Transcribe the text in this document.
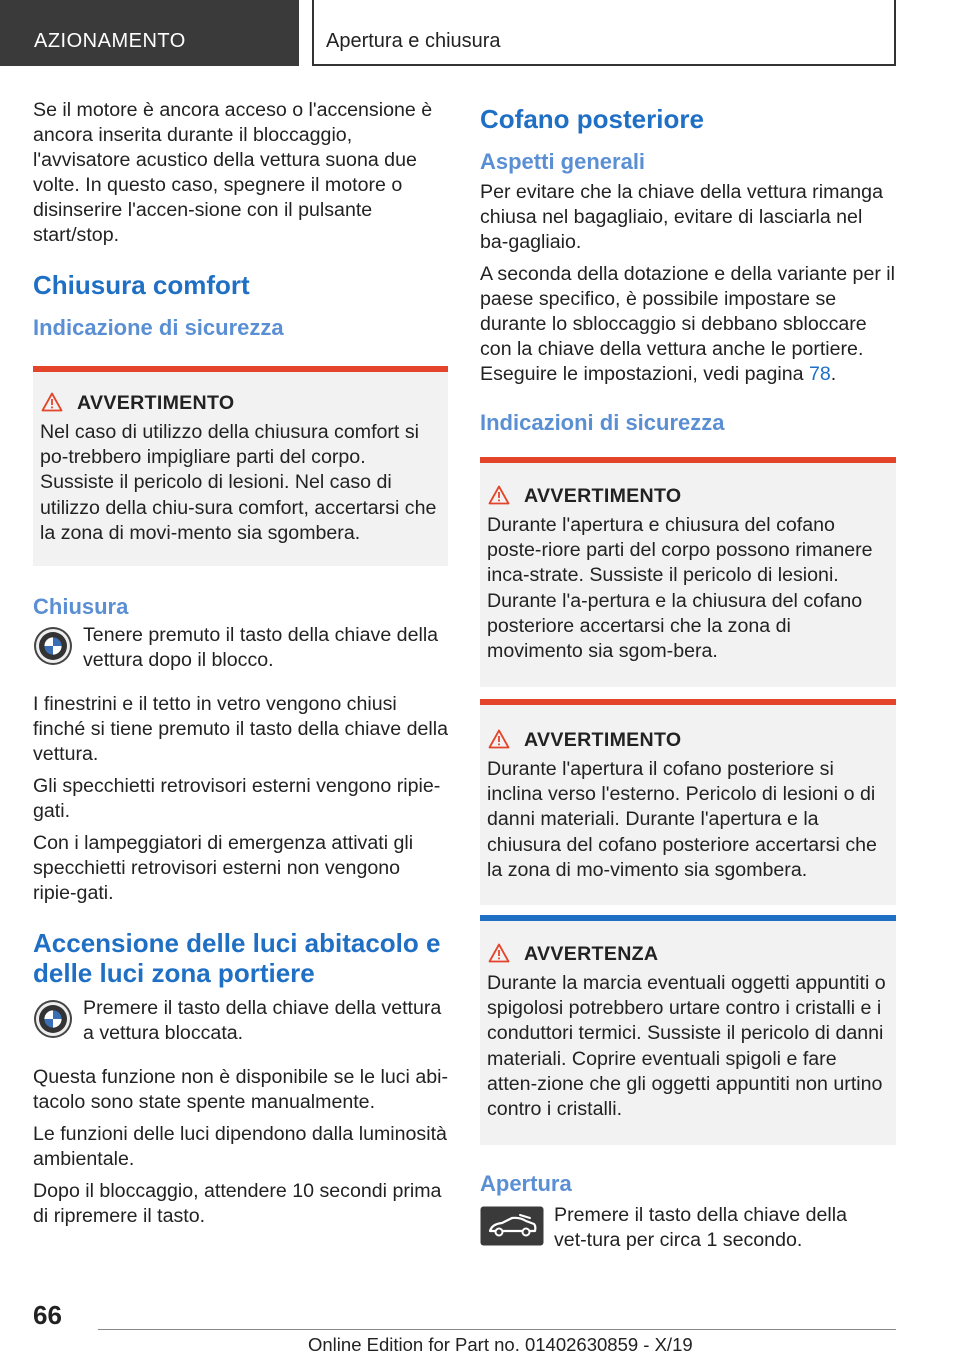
AZIONAMENTO	Apertura e chiusura

Se il motore è ancora acceso o l'accensione è ancora inserita durante il bloccaggio, l'avvisatore acustico della vettura suona due volte. In questo caso, spegnere il motore o disinserire l'accen-sione con il pulsante start/stop.

Chiusura comfort
Indicazione di sicurezza
AVVERTIMENTO

Nel caso di utilizzo della chiusura comfort si po-trebbero impigliare parti del corpo. Sussiste il pericolo di lesioni. Nel caso di utilizzo della chiu-sura comfort, accertarsi che la zona di movi-mento sia sgombera.

Chiusura

Tenere premuto il tasto della chiave della vettura dopo il blocco.

I finestrini e il tetto in vetro vengono chiusi finché si tiene premuto il tasto della chiave della vettura.

Gli specchietti retrovisori esterni vengono ripie-gati.

Con i lampeggiatori di emergenza attivati gli specchietti retrovisori esterni non vengono ripie-gati.

Accensione delle luci abitacolo e delle luci zona portiere

Premere il tasto della chiave della vettura a vettura bloccata.

Questa funzione non è disponibile se le luci abi-tacolo sono state spente manualmente.

Le funzioni delle luci dipendono dalla luminosità ambientale.

Dopo il bloccaggio, attendere 10 secondi prima di ripremere il tasto.

Cofano posteriore
Aspetti generali

Per evitare che la chiave della vettura rimanga chiusa nel bagagliaio, evitare di lasciarla nel ba-gagliaio.

A seconda della dotazione e della variante per il paese specifico, è possibile impostare se durante lo sbloccaggio si debbano sbloccare con la chiave della vettura anche le portiere. Eseguire le impostazioni, vedi pagina 78.

Indicazioni di sicurezza
AVVERTIMENTO

Durante l'apertura e chiusura del cofano poste-riore parti del corpo possono rimanere inca-strate. Sussiste il pericolo di lesioni. Durante l'a-pertura e la chiusura del cofano posteriore accertarsi che la zona di movimento sia sgom-bera.

AVVERTIMENTO

Durante l'apertura il cofano posteriore si inclina verso l'esterno. Pericolo di lesioni o di danni materiali. Durante l'apertura e la chiusura del cofano posteriore accertarsi che la zona di mo-vimento sia sgombera.

AVVERTENZA

Durante la marcia eventuali oggetti appuntiti o spigolosi potrebbero urtare contro i cristalli e i conduttori termici. Sussiste il pericolo di danni materiali. Coprire eventuali spigoli e fare atten-zione che gli oggetti appuntiti non urtino contro i cristalli.

Apertura

Premere il tasto della chiave della vet-tura per circa 1 secondo.

66
Online Edition for Part no. 01402630859 - X/19
